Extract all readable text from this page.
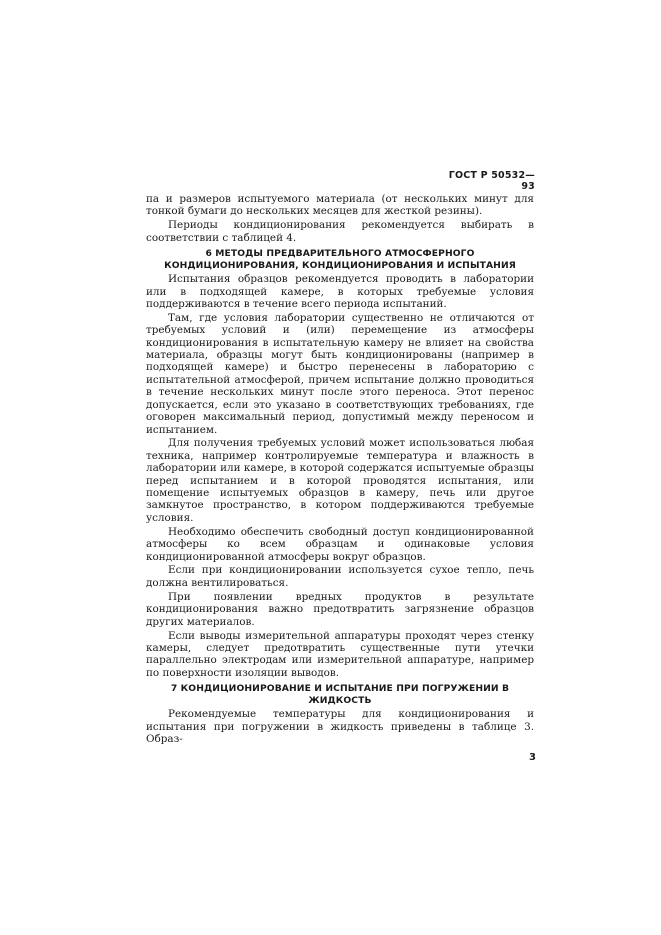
ГОСТ Р 50532—93

па и размеров испытуемого материала (от нескольких минут для тонкой бумаги до нескольких месяцев для жесткой резины).

Периоды кондиционирования рекомендуется выбирать в соответствии с таблицей 4.

6 МЕТОДЫ ПРЕДВАРИТЕЛЬНОГО АТМОСФЕРНОГО КОНДИЦИОНИРОВАНИЯ, КОНДИЦИОНИРОВАНИЯ И ИСПЫТАНИЯ

Испытания образцов рекомендуется проводить в лаборатории или в подходящей камере, в которых требуемые условия поддерживаются в течение всего периода испытаний.

Там, где условия лаборатории существенно не отличаются от требуемых условий и (или) перемещение из атмосферы кондиционирования в испытательную камеру не влияет на свойства материала, образцы могут быть кондиционированы (например в подходящей камере) и быстро перенесены в лабораторию с испытательной атмосферой, причем испытание должно проводиться в течение нескольких минут после этого переноса. Этот перенос допускается, если это указано в соответствующих требованиях, где оговорен максимальный период, допустимый между переносом и испытанием.

Для получения требуемых условий может использоваться любая техника, например контролируемые температура и влажность в лаборатории или камере, в которой содержатся испытуемые образцы перед испытанием и в которой проводятся испытания, или помещение испытуемых образцов в камеру, печь или другое замкнутое пространство, в котором поддерживаются требуемые условия.

Необходимо обеспечить свободный доступ кондиционированной атмосферы ко всем образцам и одинаковые условия кондиционированной атмосферы вокруг образцов.

Если при кондиционировании используется сухое тепло, печь должна вентилироваться.

При появлении вредных продуктов в результате кондиционирования важно предотвратить загрязнение образцов других материалов.

Если выводы измерительной аппаратуры проходят через стенку камеры, следует предотвратить существенные пути утечки параллельно электродам или измерительной аппаратуре, например по поверхности изоляции выводов.

7 КОНДИЦИОНИРОВАНИЕ И ИСПЫТАНИЕ ПРИ ПОГРУЖЕНИИ В ЖИДКОСТЬ

Рекомендуемые температуры для кондиционирования и испытания при погружении в жидкость приведены в таблице 3. Образ-

3
